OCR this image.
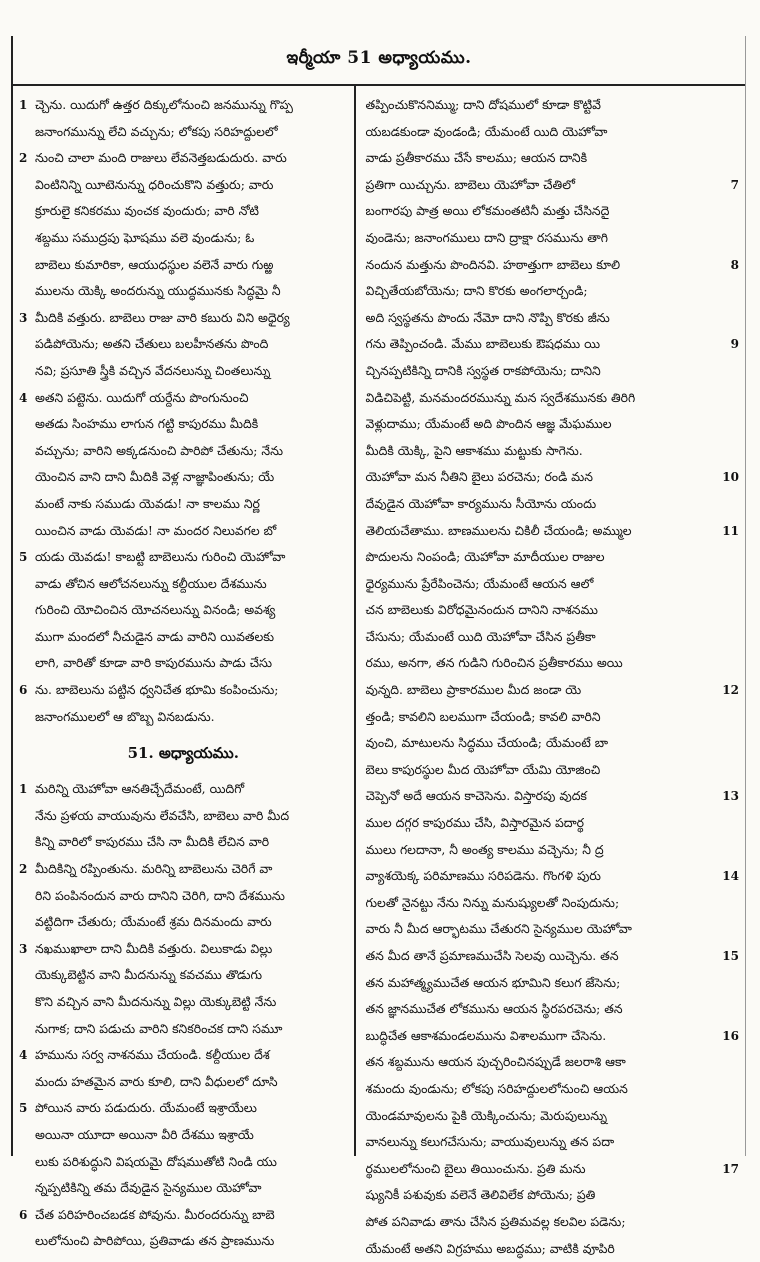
ఇర్మీయా 51 అధ్యాయము.
1 చ్చెను. యిదుగో ఉత్తర దిక్కులోనుంచి జనమున్ను గొప్ప
జనాంగమున్ను లేచి వచ్చును; లోకపు సరిహద్దులలో
2 నుంచి చాలా మంది రాజులు లేవనెత్తబడుదురు. వారు
వింటినిన్ని యీటెనున్ను ధరించుకొని వత్తురు; వారు
క్రూరులై కనికరము వుంచక వుందురు; వారి నోటి
శబ్దము సముద్రపు ఘోషము వలె వుండును; ఓ
బాబెలు కుమారికా, ఆయుధస్థుల వలెనే వారు గుఱ్ఱ
ములను యెక్కి అందరున్ను యుద్ధమునకు సిద్ధమై నీ
3 మీదికి వత్తురు. బాబెలు రాజు వారి కబురు విని అధైర్య
పడిపోయెను; అతని చేతులు బలహీనతను పొంది
నవి; ప్రసూతి స్త్రీకి వచ్చిన వేదనలున్ను చింతలున్ను
4 అతని పట్టెను. యిదుగో యర్దేను పొంగునుంచి
అతడు సింహము లాగున గట్టి కాపురము మీదికి
వచ్చును; వారిని అక్కడనుంచి పారిపో చేతును; నేను
యెంచిన వాని దాని మీదికి వెళ్ల నాజ్ఞాపింతును; యే
మంటే నాకు సముడు యెవడు! నా కాలము నిర్ణ
యించిన వాడు యెవడు! నా మందర నిలువగల బో
5 యడు యెవడు! కాబట్టి బాబెలును గురించి యెహోవా
వాడు తోచిన ఆలోచనలున్ను కల్దీయుల దేశమును
గురించి యోచించిన యోచనలున్ను వినండి; అవశ్య
ముగా మందలో నీచుడైన వాడు వారిని యివతలకు
లాగి, వారితో కూడా వారి కాపురమును పాడు చేసు
6 ను. బాబెలును పట్టిన ధ్వనిచేత భూమి కంపించును;
జనాంగములలో ఆ బొబ్బ వినబడును.
51. అధ్యాయము.
1 మరిన్ని యెహోవా ఆనతిచ్చేదేమంటే, యిదిగో
నేను ప్రళయ వాయువును లేవచేసి, బాబెలు వారి మీద
కిన్ని వారిలో కాపురము చేసి నా మీదికి లేచిన వారి
2 మీదికిన్ని రప్పింతును. మరిన్ని బాబెలును చెరిగే వా
రిని పంపినందున వారు దానిని చెరిగి, దాని దేశమును
వట్టిదిగా చేతురు; యేమంటే శ్రమ దినమందు వారు
3 నఖముఖాలా దాని మీదికి వత్తురు. విలుకాడు విల్లు
యెక్కుబెట్టిన వాని మీదనున్ను కవచము తొడుగు
కొని వచ్చిన వాని మీదనున్ను విల్లు యెక్కుబెట్టి నేను
నుగాక; దాని పడుచు వారిని కనికరించక దాని సమూ
4 హమును సర్వ నాశనము చేయండి. కల్దీయుల దేశ
మందు హతమైన వారు కూలి, దాని వీధులలో దూసి
5 పోయిన వారు పడుదురు. యేమంటే ఇశ్రాయేలు
అయినా యూదా అయినా వీరి దేశము ఇశ్రాయే
లుకు పరిశుద్ధుని విషయమై దోషముతోటి నిండి యు
న్నప్పటికిన్ని తమ దేవుడైన సైన్యముల యెహోవా
6 చేత పరిహరించబడక పోవును. మీరందరున్ను బాబె
లులోనుంచి పారిపోయి, ప్రతివాడు తన ప్రాణమును
తప్పించుకొననిమ్ము; దాని దోషములో కూడా కొట్టివే
యబడకుండా వుండండి; యేమంటే యిది యెహోవా
వాడు ప్రతీకారము చేసే కాలము; ఆయన దానికి
7
ప్రతిగా యిచ్చును. బాబెలు యెహోవా చేతిలో
బంగారపు పాత్ర అయి లోకమంతటినీ మత్తు చేసినదై
వుండెను; జనాంగములు దాని ద్రాక్షా రసమును తాగి
8
నందున మత్తును పొందినవి. హఠాత్తుగా బాబెలు కూలి
విచ్చితేయబోయెను; దాని కొరకు అంగలార్చండి;
అది స్వస్థతను పొందు నేమో దాని నొప్పి కొరకు జీను
9
గను తెప్పించండి. మేము బాబెలుకు ఔషధము యి
చ్చినప్పటికిన్ని దానికి స్వస్థత రాకపోయెను; దానిని
విడిచిపెట్టి, మనమందరమున్ను మన స్వదేశమునకు తిరిగి
వెళ్లుదాము; యేమంటే అది పొందిన ఆజ్ఞ మేఘముల
మీదికి యెక్కి, పైని ఆకాశము మట్టుకు సాగెను.
10
యెహోవా మన నీతిని బైలు పరచెను; రండి మన
దేవుడైన యెహోవా కార్యమును సీయోను యందు
11
తెలియచేతాము. బాణములను చికిలీ చేయండి; అమ్ముల
పొదులను నింపండి; యెహోవా మాదీయుల రాజుల
ధైర్యమును ప్రేరేపించెను; యేమంటే ఆయన ఆలో
చన బాబెలుకు విరోధమైనందున దానిని నాశనము
చేసును; యేమంటే యిది యెహోవా చేసిన ప్రతీకా
రము, అనగా, తన గుడిని గురించిన ప్రతీకారము అయి
12
వున్నది. బాబెలు ప్రాకారముల మీద జండా యె
త్తండి; కావలిని బలముగా చేయండి; కావలి వారిని
వుంచి, మాటులను సిద్ధము చేయండి; యేమంటే బా
బెలు కాపురస్థుల మీద యెహోవా యేమి యోజించి
13
చెప్పెనో అదే ఆయన కాచెసెను. విస్తారపు వుదక
ముల దగ్గర కాపురము చేసి, విస్తారమైన పదార్థ
ములు గలదానా, నీ అంత్య కాలము వచ్చెను; నీ ద్ర
14
వ్యాశయెక్క పరిమాణము సరిపడెను. గొంగళి పురు
గులతో నైనట్టు నేను నిన్ను మనుష్యులతో నింపుదును;
వారు నీ మీద ఆర్భాటము చేతురని సైన్యముల యెహోవా
15
తన మీద తానే ప్రమాణముచేసి సెలవు యిచ్చెను. తన
తన మహాత్మ్యముచేత ఆయన భూమిని కలుగ జేసెను;
తన జ్ఞానముచేత లోకమును ఆయన స్థిరపరచెను; తన
16
బుద్ధిచేత ఆకాశమండలమును విశాలముగా చేసెను.
తన శబ్దమును ఆయన పుచ్చరించినప్పుడే జలరాశి ఆకా
శమందు వుండును; లోకపు సరిహద్దులలోనుంచి ఆయన
యెండమావులను పైకి యెక్కించును; మెరుపులున్ను
వానలున్ను కలుగచేసును; వాయువులున్ను తన పదా
17
ర్థములలోనుంచి బైలు తియించును. ప్రతి మను
ష్యునికీ పశువుకు వలెనే తెలివిలేక పోయెను; ప్రతి
పోత పనివాడు తాను చేసిన ప్రతిమవల్ల కలవిల పడెను;
యేమంటే అతని విగ్రహము అబద్ధము; వాటికి వూపిరి
